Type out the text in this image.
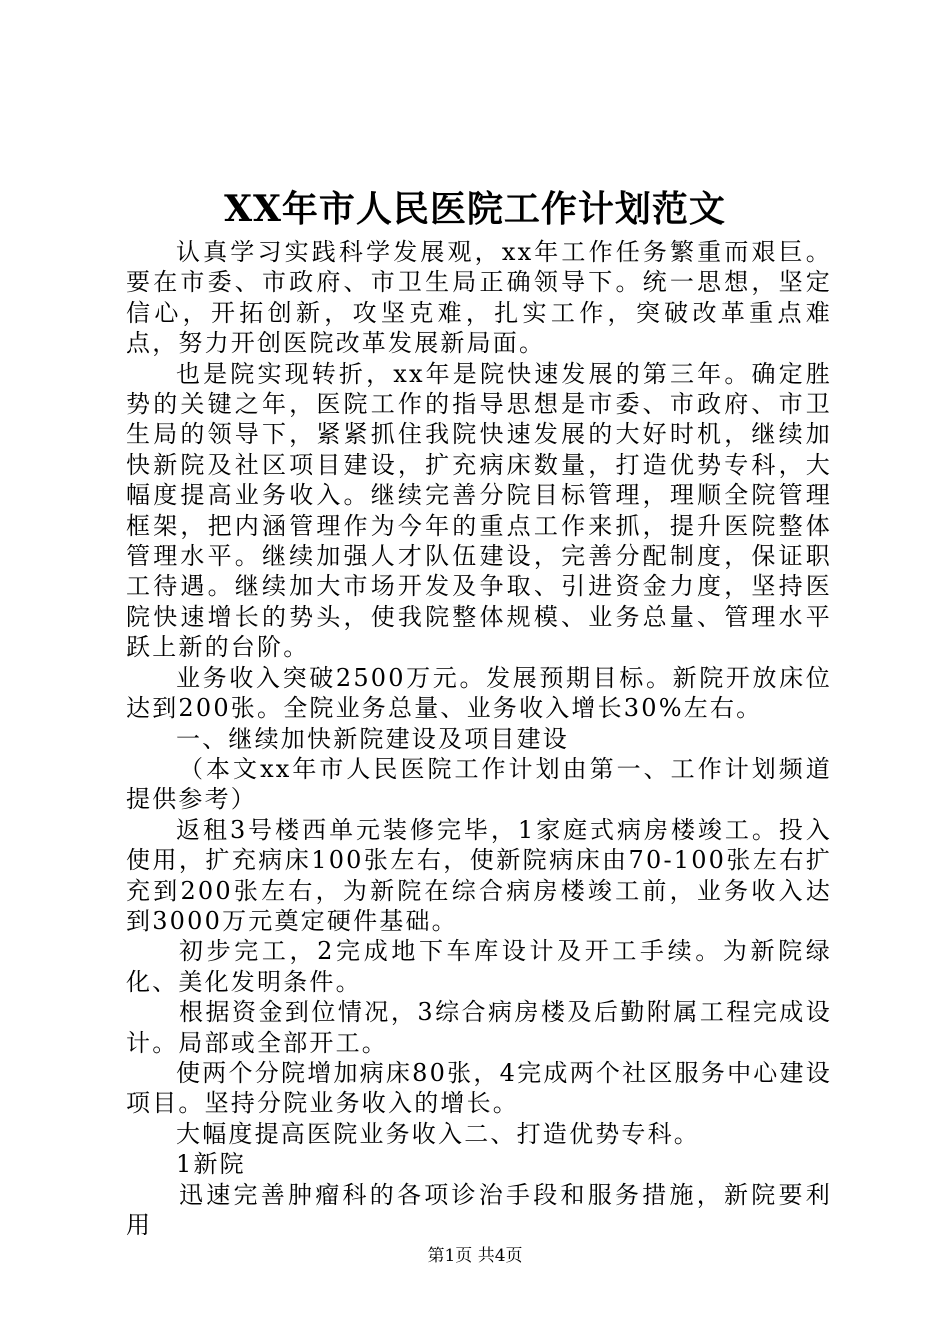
XX年市人民医院工作计划范文

认真学习实践科学发展观，xx年工作任务繁重而艰巨。要在市委、市政府、市卫生局正确领导下。统一思想，坚定信心，开拓创新，攻坚克难，扎实工作，突破改革重点难点，努力开创医院改革发展新局面。

也是院实现转折，xx年是院快速发展的第三年。确定胜势的关键之年，医院工作的指导思想是市委、市政府、市卫生局的领导下，紧紧抓住我院快速发展的大好时机，继续加快新院及社区项目建设，扩充病床数量，打造优势专科，大幅度提高业务收入。继续完善分院目标管理，理顺全院管理框架，把内涵管理作为今年的重点工作来抓，提升医院整体管理水平。继续加强人才队伍建设，完善分配制度，保证职工待遇。继续加大市场开发及争取、引进资金力度，坚持医院快速增长的势头，使我院整体规模、业务总量、管理水平跃上新的台阶。

业务收入突破2500万元。发展预期目标。新院开放床位达到200张。全院业务总量、业务收入增长30%左右。

一、继续加快新院建设及项目建设

（本文xx年市人民医院工作计划由第一、工作计划频道提供参考）

返租3号楼西单元装修完毕，1家庭式病房楼竣工。投入使用，扩充病床100张左右，使新院病床由70-100张左右扩充到200张左右，为新院在综合病房楼竣工前，业务收入达到3000万元奠定硬件基础。

初步完工，2完成地下车库设计及开工手续。为新院绿化、美化发明条件。

根据资金到位情况，3综合病房楼及后勤附属工程完成设计。局部或全部开工。

使两个分院增加病床80张，4完成两个社区服务中心建设项目。坚持分院业务收入的增长。

大幅度提高医院业务收入二、打造优势专科。

1新院

迅速完善肿瘤科的各项诊治手段和服务措施，新院要利用

第1页 共4页
